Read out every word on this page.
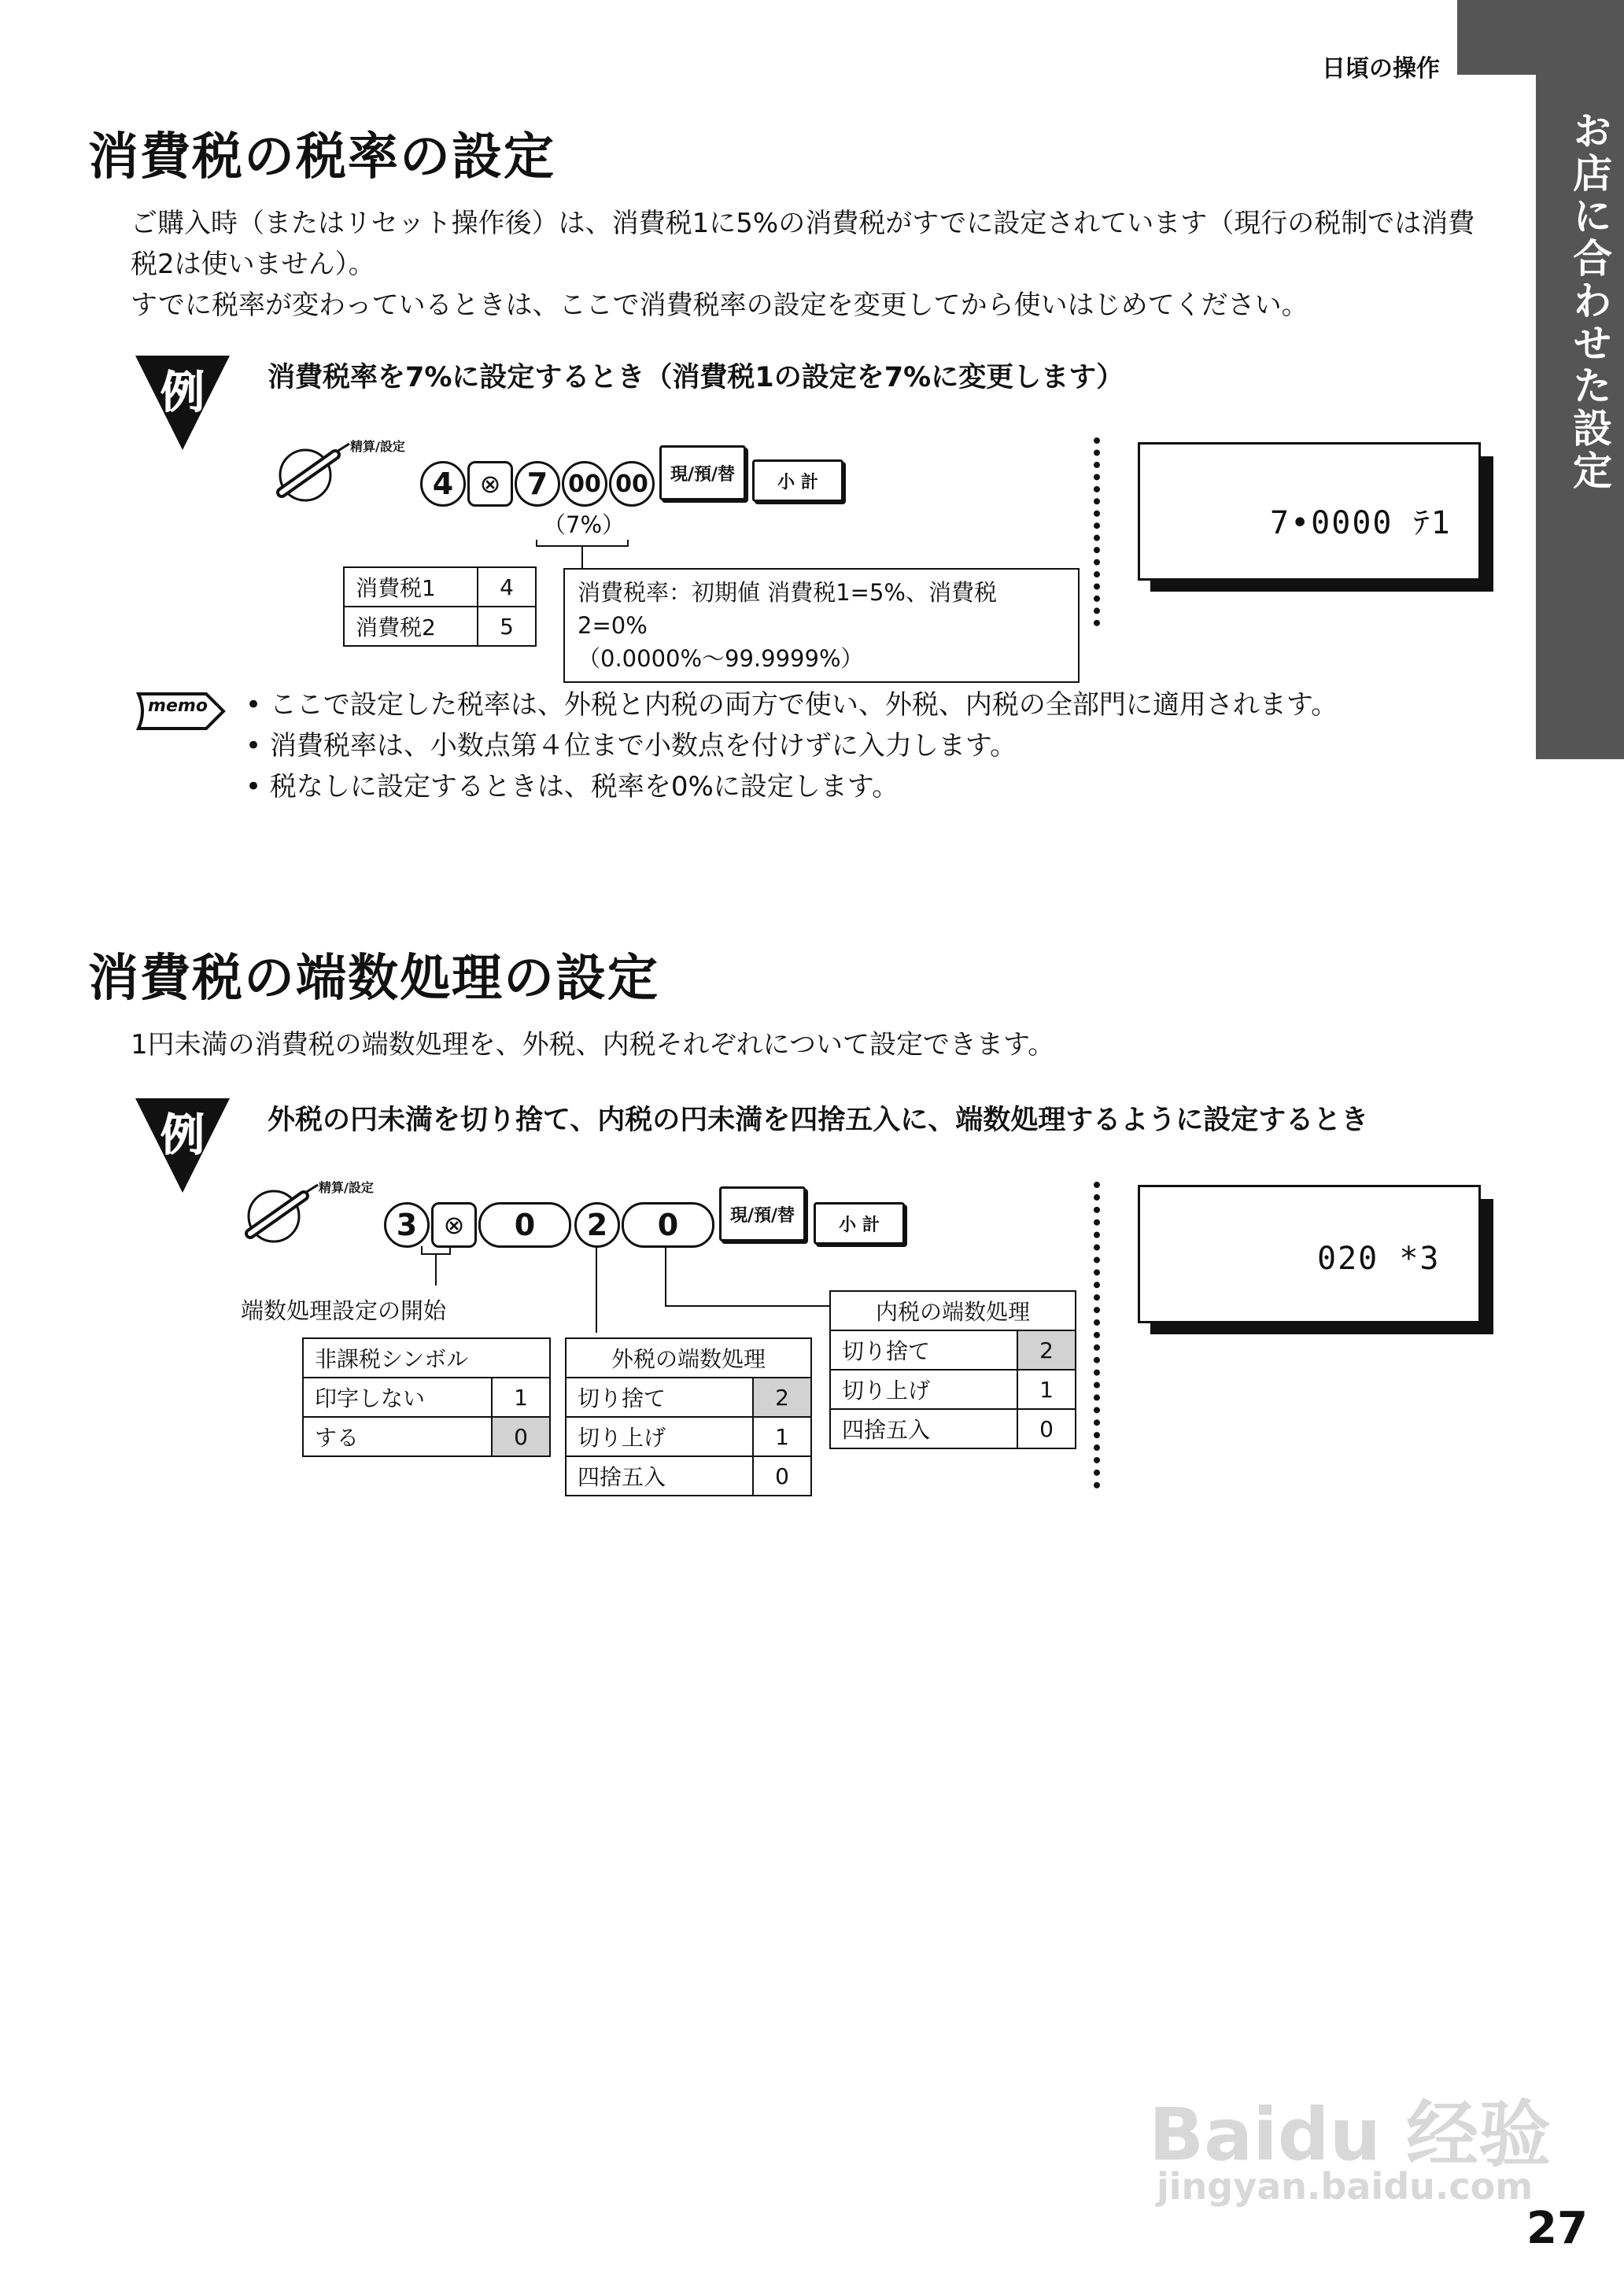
お店に合わせた設定
日頃の操作
消費税の税率の設定
ご購入時（またはリセット操作後）は、消費税1に5%の消費税がすでに設定されています（現行の税制では消費
税2は使いません）。
すでに税率が変わっているときは、ここで消費税率の設定を変更してから使いはじめてください。
例 消費税率を7%に設定するとき（消費税1の設定を7%に変更します）
精算/設定
4	⊗ 7 00 00	現/預/替	小 計
（7%）
消費税1	4
消費税2	5
消費税率：初期値 消費税1=5%、消費税2=0%
（0.0000%～99.9999%）
7•0000 ﾃ1
memo • ここで設定した税率は、外税と内税の両方で使い、外税、内税の全部門に適用されます。
• 消費税率は、小数点第４位まで小数点を付けずに入力します。
• 税なしに設定するときは、税率を0%に設定します。
消費税の端数処理の設定
1円未満の消費税の端数処理を、外税、内税それぞれについて設定できます。
例 外税の円未満を切り捨て、内税の円未満を四捨五入に、端数処理するように設定するとき
精算/設定
3	⊗	0	2	0	現/預/替	小 計
端数処理設定の開始
非課税シンボル	
印字しない	1
する	0
外税の端数処理	
切り捨て	2
切り上げ	1
四捨五入	0
内税の端数処理	
切り捨て	2
切り上げ	1
四捨五入	0
020 *3
Baidu 经验
jingyan.baidu.com
27
